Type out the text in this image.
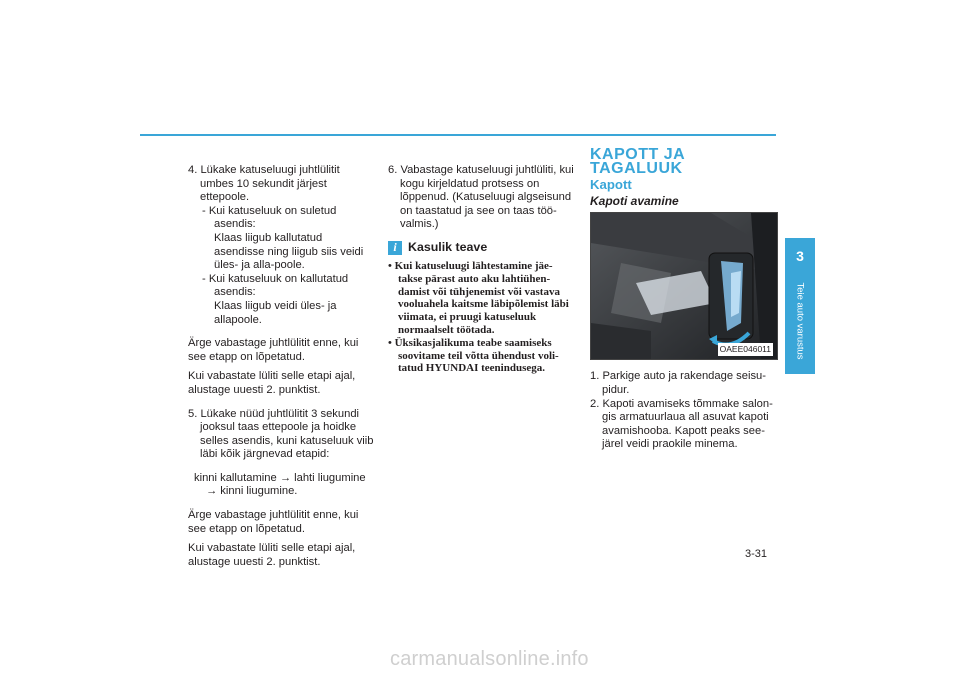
4. Lükake katuseluugi juhtlülitit umbes 10 sekundit järjest ettepoole.

- Kui katuseluuk on suletud asendis:

Klaas liigub kallutatud asendisse ning liigub siis veidi üles- ja alla-poole.

- Kui katuseluuk on kallutatud asendis:

Klaas liigub veidi üles- ja allapoole.

Ärge vabastage juhtlülitit enne, kui see etapp on lõpetatud.

Kui vabastate lüliti selle etapi ajal, alustage uuesti 2. punktist.

5. Lükake nüüd juhtlülitit 3 sekundi jooksul taas ettepoole ja hoidke selles asendis, kuni katuseluuk viib läbi kõik järgnevad etapid:

kinni kallutamine → lahti liugumine → kinni liugumine.

Ärge vabastage juhtlülitit enne, kui see etapp on lõpetatud.

Kui vabastate lüliti selle etapi ajal, alustage uuesti 2. punktist.

6. Vabastage katuseluugi juhtlüliti, kui kogu kirjeldatud protsess on lõppenud. (Katuseluugi algseisund on taastatud ja see on taas töö-valmis.)

i Kasulik teave
• Kui katuseluugi lähtestamine jäe-takse pärast auto aku lahtiühen-damist või tühjenemist või vastava vooluahela kaitsme läbipõlemist läbi viimata, ei pruugi katuseluuk normaalselt töötada.
• Üksikasjalikuma teabe saamiseks soovitame teil võtta ühendust voli-tatud HYUNDAI teenindusega.
KAPOTT JA TAGALUUK
Kapott
Kapoti avamine
OAEE046011

1. Parkige auto ja rakendage seisu-pidur.

2. Kapoti avamiseks tõmmake salon-gis armatuurlaua all asuvat kapoti avamishooba. Kapott peaks see-järel veidi praokile minema.

3
Teie auto varustus
3-31
carmanualsonline.info
